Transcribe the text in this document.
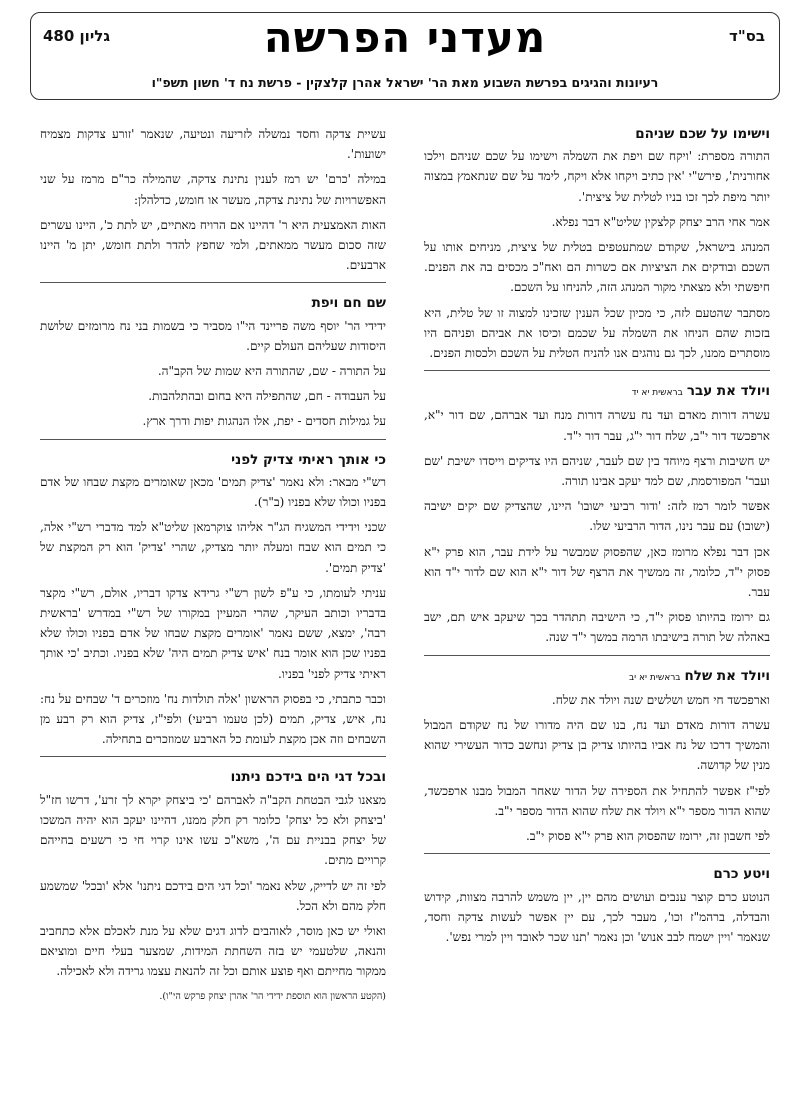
בס"ד
מעדני הפרשה
גליון 480
רעיונות והגיגים בפרשת השבוע מאת הר' ישראל אהרן קלצקין - פרשת נח ד' חשון תשפ"ו
וישימו על שכם שניהם

התורה מספרת: 'ויקח שם ויפת את השמלה וישימו על שכם שניהם וילכו אחורנית', פירש"י 'אין כתיב ויקחו אלא ויקח, לימד על שם שנתאמץ במצוה יותר מיפת לכך זכו בניו לטלית של ציצית'.

אמר אחי הרב יצחק קלצקין שליט"א דבר נפלא.

המנהג בישראל, שקודם שמתעטפים בטלית של ציצית, מניחים אותו על השכם ובודקים את הציציות אם כשרות הם ואח"כ מכסים בה את הפנים. חיפשתי ולא מצאתי מקור המנהג הזה, להניחו על השכם.

מסתבר שהטעם לזה, כי מכיון שכל הענין שזכינו למצוה זו של טלית, היא בזכות שהם הניחו את השמלה על שכמם וכיסו את אביהם ופניהם היו מוסתרים ממנו, לכך גם נוהגים אנו להניח הטלית על השכם ולכסות הפנים.

ויולד את עברבראשית יא יד

עשרה דורות מאדם ועד נח עשרה דורות מנח ועד אברהם, שם דור י"א, ארפכשד דור י"ב, שלח דור י"ג, עבר דור י"ד.

יש חשיבות ורצף מיוחד בין שם לעבר, שניהם היו צדיקים וייסדו ישיבת 'שם ועבר' המפורסמת, שם למד יעקב אבינו תורה.

אפשר לומר רמז לזה: 'ודור רביעי ישובו' היינו, שהצדיק שם יקים ישיבה (ישובו) עם עבר נינו, הדור הרביעי שלו.

אכן דבר נפלא מרומז כאן, שהפסוק שמבשר על לידת עבר, הוא פרק י"א פסוק י"ד, כלומר, זה ממשיך את הרצף של דור י"א הוא שם לדור י"ד הוא עבר.

גם ירומז בהיותו פסוק י"ד, כי הישיבה תתהדר בכך שיעקב איש תם, ישב באהלה של תורה בישיבתו הרמה במשך י"ד שנה.

ויולד את שלחבראשית יא יב

וארפכשד חי חמש ושלשים שנה ויולד את שלח.

עשרה דורות מאדם ועד נח, בנו שם היה מדורו של נח שקודם המבול והמשיך דרכו של נח אביו בהיותו צדיק בן צדיק ונחשב כדור העשירי שהוא מנין של קדושה.

לפי"ז אפשר להתחיל את הספירה של הדור שאחר המבול מבנו ארפכשד, שהוא הדור מספר י"א ויולד את שלח שהוא הדור מספר י"ב.

לפי חשבון זה, ירומז שהפסוק הוא פרק י"א פסוק י"ב.

ויטע כרם

הנוטע כרם קוצר ענבים ועושים מהם יין, יין משמש להרבה מצוות, קידוש והבדלה, ברהמ"ז וכו', מעבר לכך, עם יין אפשר לעשות צדקה וחסד, שנאמר 'ויין ישמח לבב אנוש' וכן נאמר 'תנו שכר לאובד ויין למרי נפש'.

עשיית צדקה וחסד נמשלה לזריעה ונטיעה, שנאמר 'זורע צדקות מצמיח ישועות'.

במילה 'כרם' יש רמז לענין נתינת צדקה, שהמילה כר"ם מרמז על שני האפשרויות של נתינת צדקה, מעשר או חומש, כדלהלן:

האות האמצעית היא ר' דהיינו אם הרויח מאתיים, יש לתת כ', היינו עשרים שזה סכום מעשר ממאתים, ולמי שחפץ להדר ולתת חומש, יתן מ' היינו ארבעים.

שם חם ויפת

ידידי הר' יוסף משה פריינד הי"ו מסביר כי בשמות בני נח מרומזים שלושת היסודות שעליהם העולם קיים.

על התורה - שם, שהתורה היא שמות של הקב"ה.

על העבודה - חם, שהתפילה היא בחום ובהתלהבות.

על גמילות חסדים - יפת, אלו הנהגות יפות ודרך ארץ.

כי אותך ראיתי צדיק לפני

רש"י מבאר: ולא נאמר 'צדיק תמים' מכאן שאומרים מקצת שבחו של אדם בפניו וכולו שלא בפניו (ב"ר).

שכני וידידי המשגיח הג"ר אליהו צוקרמאן שליט"א למד מדברי רש"י אלה, כי תמים הוא שבח ומעלה יותר מצדיק, שהרי 'צדיק' הוא רק המקצת של 'צדיק תמים'.

עניתי לעומתו, כי ע"פ לשון רש"י גרידא צדקו דבריו, אולם, רש"י מקצר בדבריו וכותב העיקר, שהרי המעיין במקורו של רש"י במדרש 'בראשית רבה', ימצא, ששם נאמר 'אומרים מקצת שבחו של אדם בפניו וכולו שלא בפניו שכן הוא אומר בנח 'איש צדיק תמים היה' שלא בפניו. וכתיב 'כי אותך ראיתי צדיק לפני' בפניו.

וכבר כתבתי, כי בפסוק הראשון 'אלה תולדות נח' מוזכרים ד' שבחים על נח: נח, איש, צדיק, תמים (לכן טעמו רביעי) ולפי"ז, צדיק הוא רק רבע מן השבחים וזה אכן מקצת לעומת כל הארבע שמוזכרים בתחילה.

ובכל דגי הים בידכם ניתנו

מצאנו לגבי הבטחת הקב"ה לאברהם 'כי ביצחק יקרא לך זרע', דרשו חז"ל 'ביצחק ולא כל יצחק' כלומר רק חלק ממנו, דהיינו יעקב הוא יהיה המשכו של יצחק בבניית עם ה', משא"כ עשו אינו קרוי חי כי רשעים בחייהם קרויים מתים.

לפי זה יש לדייק, שלא נאמר 'וכל דגי הים בידכם ניתנו' אלא 'ובכל' שמשמע חלק מהם ולא הכל.

ואולי יש כאן מוסר, לאוהבים לדוג דגים שלא על מנת לאכלם אלא כתחביב והנאה, שלטעמי יש בזה השחתת המידות, שמצער בעלי חיים ומוציאם ממקור מחייתם ואף פוצע אותם וכל זה להנאת עצמו גרידה ולא לאכילה.

(הקטע הראשון הוא תוספת ידידי הר' אהרן יצחק פרקש הי"ו).
